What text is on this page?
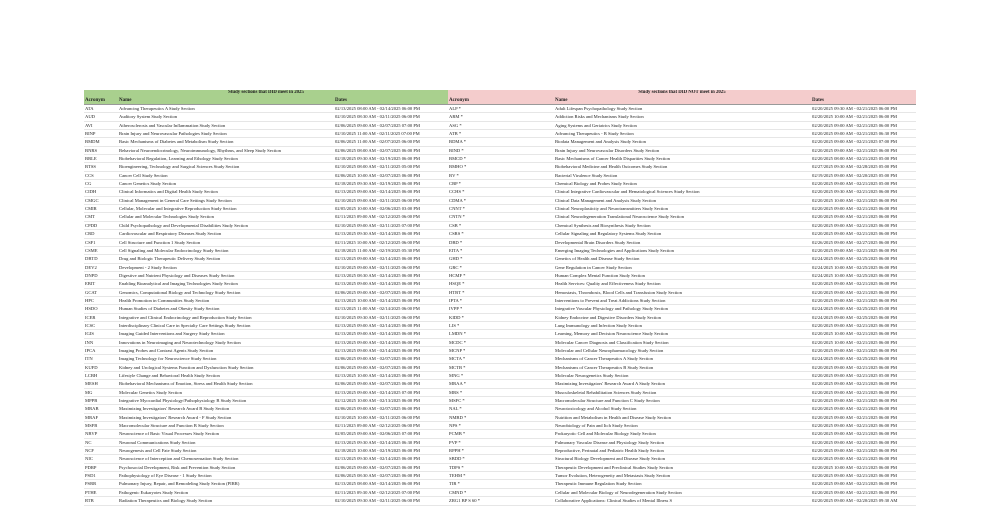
Study sections that DID meet in 2025		
Acronym	Name	Dates
ATA	Advancing Therapeutics A Study Section	02/13/2025 08:00 AM - 02/14/2025 06:00 PM
AUD	Auditory System Study Section	02/10/2025 08:30 AM - 02/11/2025 06:00 PM
AVI	Atherosclerosis and Vascular Inflammation Study Section	02/06/2025 09:00 AM - 02/07/2025 07:00 PM
BINP	Brain Injury and Neurovascular Pathologies Study Section	02/10/2025 11:00 AM - 02/11/2025 07:00 PM
BMDM	Basic Mechanisms of Diabetes and Metabolism Study Section	02/06/2025 11:00 AM - 02/07/2025 06:00 PM
BNRS	Behavioral Neuroendocrinology, Neuroimmunology, Rhythms, and Sleep Study Section	02/06/2025 08:00 AM - 02/07/2025 06:00 PM
BRLE	Biobehavioral Regulation, Learning and Ethology Study Section	02/18/2025 09:30 AM - 02/19/2025 06:00 PM
BTSS	Bioengineering, Technology and Surgical Sciences Study Section	02/10/2025 08:00 AM - 02/11/2025 05:00 PM
CCS	Cancer Cell Study Section	02/06/2025 10:00 AM - 02/07/2025 06:00 PM
CG	Cancer Genetics Study Section	02/18/2025 09:30 AM - 02/19/2025 06:00 PM
CIDH	Clinical Informatics and Digital Health Study Section	02/13/2025 09:00 AM - 02/14/2025 06:00 PM
CMGC	Clinical Management in General Care Settings Study Section	02/10/2025 09:00 AM - 02/11/2025 06:00 PM
CMIR	Cellular, Molecular and Integrative Reproduction Study Section	02/05/2025 10:00 AM - 02/06/2025 03:00 PM
CMT	Cellular and Molecular Technologies Study Section	02/11/2025 09:00 AM - 02/12/2025 06:00 PM
CPDD	Child Psychopathology and Developmental Disabilities Study Section	02/10/2025 09:00 AM - 02/11/2025 07:00 PM
CRD	Cardiovascular and Respiratory Diseases Study Section	02/13/2025 09:30 AM - 02/14/2025 06:00 PM
CSF1	Cell Structure and Function 1 Study Section	02/11/2025 10:00 AM - 02/12/2025 06:00 PM
CSME	Cell Signaling and Molecular Endocrinology Study Section	02/18/2025 11:00 AM - 02/19/2025 05:30 PM
DBTD	Drug and Biologic Therapeutic Delivery Study Section	02/13/2025 09:00 AM - 02/14/2025 06:00 PM
DEV2	Development - 2 Study Section	02/10/2025 09:00 AM - 02/11/2025 06:00 PM
DNPD	Digestive and Nutrient Physiology and Diseases Study Section	02/13/2025 08:30 AM - 02/14/2025 06:00 PM
EBIT	Enabling Bioanalytical and Imaging Technologies Study Section	02/13/2025 09:00 AM - 02/14/2025 06:00 PM
GCAT	Genomics, Computational Biology and Technology Study Section	02/06/2025 09:00 AM - 02/07/2025 06:00 PM
HPC	Health Promotion in Communities Study Section	02/13/2025 10:00 AM - 02/14/2025 06:00 PM
HSDO	Human Studies of Diabetes and Obesity Study Section	02/13/2025 11:00 AM - 02/14/2025 06:00 PM
ICER	Integrative and Clinical Endocrinology and Reproduction Study Section	02/10/2025 09:30 AM - 02/11/2025 06:00 PM
ICSC	Interdisciplinary Clinical Care in Specialty Care Settings Study Section	02/13/2025 09:00 AM - 02/14/2025 06:00 PM
IGIS	Imaging Guided Interventions and Surgery Study Section	02/13/2025 09:00 AM - 02/14/2025 06:00 PM
INN	Innovations in Neuroimaging and Neurotechnology Study Section	02/13/2025 09:00 AM - 02/14/2025 06:00 PM
IPCA	Imaging Probes and Contrast Agents Study Section	02/13/2025 09:00 AM - 02/14/2025 06:00 PM
ITN	Imaging Technology for Neuroscience Study Section	02/06/2025 09:00 AM - 02/07/2025 06:00 PM
KUFD	Kidney and Urological Systems Function and Dysfunction Study Section	02/06/2025 09:00 AM - 02/07/2025 06:00 PM
LCBH	Lifestyle Change and Behavioral Health Study Section	02/13/2025 10:00 AM - 02/14/2025 06:00 PM
MESH	Biobehavioral Mechanisms of Emotion, Stress and Health Study Section	02/06/2025 09:00 AM - 02/07/2025 06:00 PM
MG	Molecular Genetics Study Section	02/13/2025 09:00 AM - 02/14/2025 07:00 PM
MPPB	Integrative Myocardial Physiology/Pathophysiology B Study Section	02/12/2025 10:00 AM - 02/13/2025 06:00 PM
MRAB	Maximizing Investigators' Research Award B Study Section	02/06/2025 09:00 AM - 02/07/2025 06:00 PM
MRAF	Maximizing Investigators' Research Award - F Study Section	02/10/2025 10:00 AM - 02/11/2025 06:00 PM
MSFB	Macromolecular Structure and Function B Study Section	02/11/2025 09:00 AM - 02/12/2025 06:00 PM
NBVP	Neuroscience of Basic Visual Processes Study Section	02/05/2025 09:00 AM - 02/06/2025 07:00 PM
NC	Neuronal Communications Study Section	02/13/2025 09:30 AM - 02/14/2025 06:30 PM
NCF	Neurogenesis and Cell Fate Study Section	02/18/2025 10:00 AM - 02/19/2025 06:00 PM
NIC	Neuroscience of Interception and Chemosensation Study Section	02/13/2025 09:30 AM - 02/14/2025 06:00 PM
PDRP	Psychosocial Development, Risk and Prevention Study Section	02/06/2025 09:00 AM - 02/07/2025 06:00 PM
PSD1	Pathophysiology of Eye Disease - 1 Study Section	02/06/2025 08:30 AM - 02/07/2025 06:00 PM
PSRR	Pulmonary Injury, Repair, and Remodeling Study Section (PIRR)	02/13/2025 08:00 AM - 02/14/2025 06:00 PM
PTHE	Pathogenic Eukaryotes Study Section	02/11/2025 09:30 AM - 02/12/2025 07:00 PM
RTB	Radiation Therapeutics and Biology Study Section	02/10/2025 09:30 AM - 02/11/2025 06:00 PM
Study sections that DID NOT meet in 2025		
Acronym	Name	Dates
ALP *	Adult Lifespan Psychopathology Study Section	02/20/2025 09:30 AM - 02/21/2025 06:00 PM
ARM *	Addiction Risks and Mechanisms Study Section	02/20/2025 10:00 AM - 02/21/2025 06:00 PM
ASG *	Aging Systems and Geriatrics Study Section	02/20/2025 09:00 AM - 02/21/2025 06:00 PM
ATB *	Advancing Therapeutics - B Study Section	02/20/2025 09:00 AM - 02/21/2025 06:30 PM
BDMA *	Biodata Management and Analysis Study Section	02/20/2025 09:00 AM - 02/21/2025 07:00 PM
BIND *	Brain Injury and Neurovascular Disorders Study Section	02/20/2025 09:00 AM - 02/21/2025 06:00 PM
BMCD *	Basic Mechanisms of Cancer Health Disparities Study Section	02/20/2025 08:00 AM - 02/21/2025 05:00 PM
BMHO *	Biobehavioral Medicine and Health Outcomes Study Section	02/27/2025 09:30 AM - 02/28/2025 05:00 PM
BV *	Bacterial Virulence Study Section	02/19/2025 09:00 AM - 02/20/2025 05:00 PM
CBP *	Chemical Biology and Probes Study Section	02/20/2025 09:00 AM - 02/21/2025 05:00 PM
CCHS *	Clinical Integrative Cardiovascular and Hematological Sciences Study Section	02/20/2025 09:30 AM - 02/21/2025 06:00 PM
CDMA *	Clinical Data Management and Analysis Study Section	02/20/2025 10:00 AM - 02/21/2025 06:00 PM
CNNT *	Clinical Neuroplasticity and Neurotransmitters Study Section	02/20/2025 09:00 AM - 02/21/2025 06:00 PM
CNTN *	Clinical Neurodegeneration Translational Neuroscience Study Section	02/20/2025 09:00 AM - 02/21/2025 06:00 PM
CSB *	Chemical Synthesis and Biosynthesis Study Section	02/20/2025 09:00 AM - 02/21/2025 06:00 PM
CSRS *	Cellular Signaling and Regulatory Systems Study Section	02/20/2025 09:00 AM - 02/21/2025 06:00 PM
DBD *	Developmental Brain Disorders Study Section	02/26/2025 09:00 AM - 02/27/2025 06:00 PM
EITA *	Emerging Imaging Technologies and Applications Study Section	02/20/2025 09:00 AM - 02/21/2025 06:00 PM
GHD *	Genetics of Health and Disease Study Section	02/24/2025 09:00 AM - 02/25/2025 06:00 PM
GRC *	Gene Regulation in Cancer Study Section	02/24/2025 10:00 AM - 02/25/2025 06:00 PM
HCMF *	Human Complex Mental Function Study Section	02/24/2025 10:00 AM - 02/25/2025 06:00 PM
HSQE *	Health Services: Quality and Effectiveness Study Section	02/20/2025 09:00 AM - 02/21/2025 06:00 PM
HTBT *	Hemostasis, Thrombosis, Blood Cells and Transfusion Study Section	02/20/2025 09:00 AM - 02/21/2025 06:00 PM
IPTA *	Interventions to Prevent and Treat Addictions Study Section	02/20/2025 09:00 AM - 02/21/2025 06:00 PM
IVPP *	Integrative Vascular Physiology and Pathology Study Section	02/24/2025 09:00 AM - 02/25/2025 05:00 PM
KIDD *	Kidney Endocrine and Digestive Disorders Study Section	02/24/2025 09:00 AM - 02/25/2025 06:00 PM
LIS *	Lung Immunology and Infection Study Section	02/20/2025 09:00 AM - 02/21/2025 06:00 PM
LMDN *	Learning, Memory and Decision Neuroscience Study Section	02/20/2025 10:00 AM - 02/21/2025 06:00 PM
MCDC *	Molecular Cancer Diagnosis and Classification Study Section	02/20/2025 10:00 AM - 02/21/2025 06:00 PM
MCNP *	Molecular and Cellular Neuropharmacology Study Section	02/20/2025 09:00 AM - 02/21/2025 06:00 PM
MCTA *	Mechanisms of Cancer Therapeutics A Study Section	02/24/2025 09:00 AM - 02/25/2025 06:00 PM
MCTB *	Mechanisms of Cancer Therapeutics B Study Section	02/20/2025 09:00 AM - 02/21/2025 06:00 PM
MNG *	Molecular Neurogenetics Study Section	02/20/2025 09:00 AM - 02/21/2025 05:00 PM
MRAA *	Maximizing Investigators' Research Award A Study Section	02/20/2025 09:00 AM - 02/21/2025 06:00 PM
MRS *	Musculoskeletal Rehabilitation Sciences Study Section	02/20/2025 09:00 AM - 02/21/2025 06:00 PM
MSFC *	Macromolecular Structure and Function C Study Section	02/20/2025 09:00 AM - 02/21/2025 06:00 PM
NAL *	Neurotoxicology and Alcohol Study Section	02/20/2025 09:00 AM - 02/21/2025 06:00 PM
NMBD *	Nutrition and Metabolism in Health and Disease Study Section	02/20/2025 09:00 AM - 02/21/2025 06:00 PM
NPS *	Neurobiology of Pain and Itch Study Section	02/20/2025 09:00 AM - 02/21/2025 06:00 PM
PCMB *	Prokaryotic Cell and Molecular Biology Study Section	02/20/2025 09:00 AM - 02/21/2025 06:00 PM
PVP *	Pulmonary Vascular Disease and Physiology Study Section	02/20/2025 09:00 AM - 02/21/2025 06:00 PM
RPPH *	Reproductive, Perinatal and Pediatric Health Study Section	02/20/2025 09:00 AM - 02/21/2025 06:00 PM
SBDD *	Structural Biology Development and Disease Study Section	02/20/2025 09:00 AM - 02/21/2025 06:00 PM
TDPS *	Therapeutic Development and Preclinical Studies Study Section	02/20/2025 10:00 AM - 02/21/2025 06:00 PM
TEHM *	Tumor Evolution, Heterogeneity and Metastasis Study Section	02/20/2025 09:00 AM - 02/21/2025 06:00 PM
TIR *	Therapeutic Immune Regulation Study Section	02/20/2025 09:00 AM - 02/21/2025 06:00 PM
CMND *	Cellular and Molecular Biology of Neurodegeneration Study Section	02/20/2025 09:00 AM - 02/21/2025 06:00 PM
ZRG1 BP S 60 *	Collaborative Applications: Clinical Studies of Mental Illness S	02/20/2025 09:00 AM - 02/20/2025 09:30 AM
